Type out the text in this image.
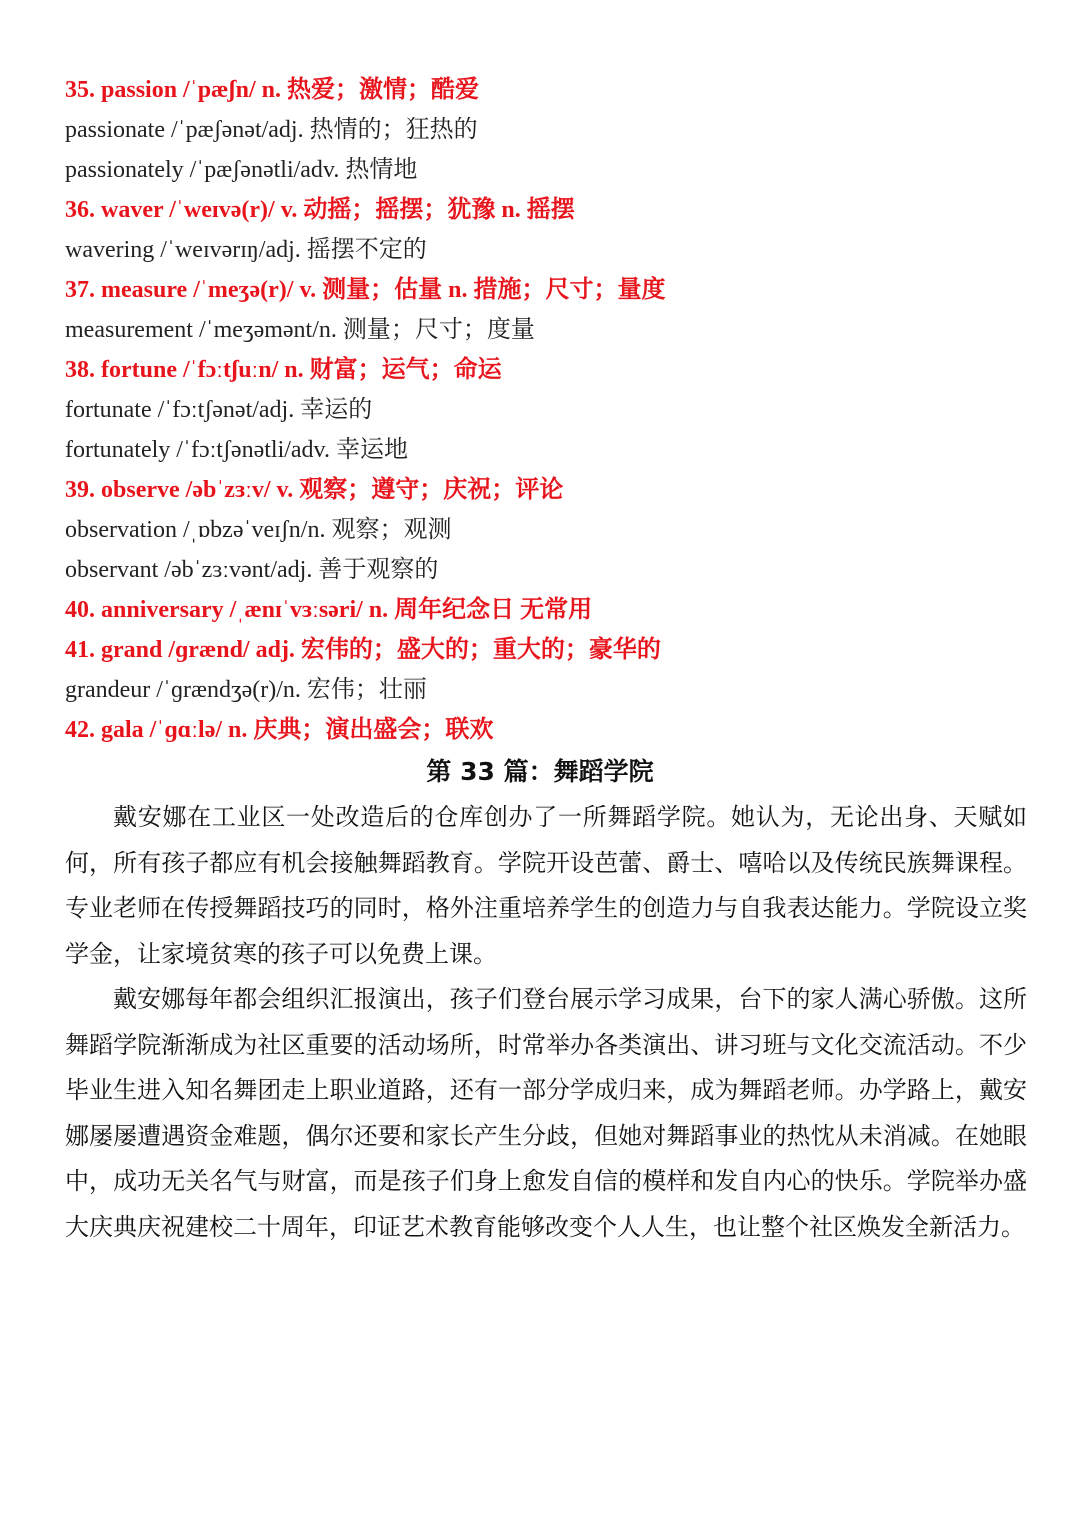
35. passion /ˈpæʃn/ n. 热爱；激情；酷爱
passionate /ˈpæʃənət/adj. 热情的；狂热的
passionately /ˈpæʃənətli/adv. 热情地
36. waver /ˈweɪvə(r)/ v. 动摇；摇摆；犹豫 n. 摇摆
wavering /ˈweɪvərɪŋ/adj. 摇摆不定的
37. measure /ˈmeʒə(r)/ v. 测量；估量 n. 措施；尺寸；量度
measurement /ˈmeʒəmənt/n. 测量；尺寸；度量
38. fortune /ˈfɔːtʃuːn/ n. 财富；运气；命运
fortunate /ˈfɔːtʃənət/adj. 幸运的
fortunately /ˈfɔːtʃənətli/adv. 幸运地
39. observe /əbˈzɜːv/ v. 观察；遵守；庆祝；评论
observation /ˌɒbzəˈveɪʃn/n. 观察；观测
observant /əbˈzɜːvənt/adj. 善于观察的
40. anniversary /ˌænɪˈvɜːsəri/ n. 周年纪念日 无常用
41. grand /ɡrænd/ adj. 宏伟的；盛大的；重大的；豪华的
grandeur /ˈɡrændʒə(r)/n. 宏伟；壮丽
42. gala /ˈɡɑːlə/ n. 庆典；演出盛会；联欢
第 33 篇：舞蹈学院

戴安娜在工业区一处改造后的仓库创办了一所舞蹈学院。她认为，无论出身、天赋如何，所有孩子都应有机会接触舞蹈教育。学院开设芭蕾、爵士、嘻哈以及传统民族舞课程。专业老师在传授舞蹈技巧的同时，格外注重培养学生的创造力与自我表达能力。学院设立奖学金，让家境贫寒的孩子可以免费上课。

戴安娜每年都会组织汇报演出，孩子们登台展示学习成果，台下的家人满心骄傲。这所舞蹈学院渐渐成为社区重要的活动场所，时常举办各类演出、讲习班与文化交流活动。不少毕业生进入知名舞团走上职业道路，还有一部分学成归来，成为舞蹈老师。办学路上，戴安娜屡屡遭遇资金难题，偶尔还要和家长产生分歧，但她对舞蹈事业的热忱从未消减。在她眼中，成功无关名气与财富，而是孩子们身上愈发自信的模样和发自内心的快乐。学院举办盛大庆典庆祝建校二十周年，印证艺术教育能够改变个人人生，也让整个社区焕发全新活力。
